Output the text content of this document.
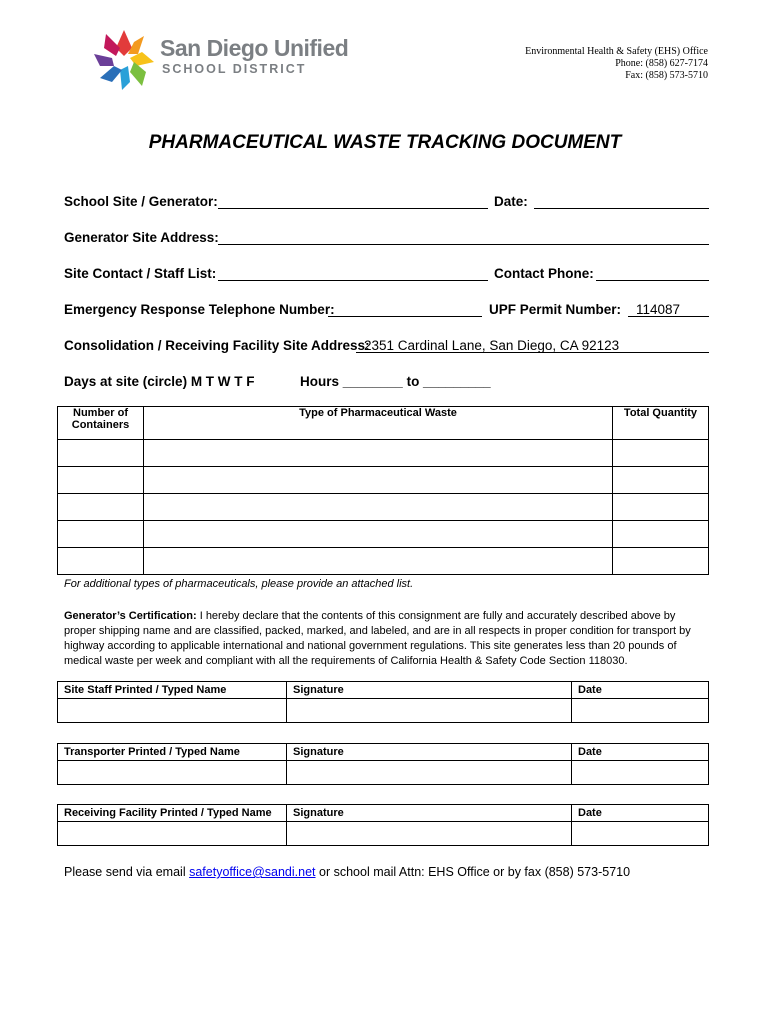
San Diego Unified
SCHOOL DISTRICT
Environmental Health & Safety (EHS) Office
Phone: (858) 627-7174
Fax: (858) 573-5710
PHARMACEUTICAL WASTE TRACKING DOCUMENT
School Site / Generator:	Date:
Generator Site Address:
Site Contact / Staff List:	Contact Phone:
Emergency Response Telephone Number:	UPF Permit Number: 114087
Consolidation / Receiving Facility Site Address:
2351 Cardinal Lane, San Diego, CA 92123
Days at site (circle) M T W T F	Hours ________ to _________
Number of Containers	Type of Pharmaceutical Waste	Total Quantity

For additional types of pharmaceuticals, please provide an attached list.
Generator’s Certification: I hereby declare that the contents of this consignment are fully and accurately described above by proper shipping name and are classified, packed, marked, and labeled, and are in all respects in proper condition for transport by highway according to applicable international and national government regulations. This site generates less than 20 pounds of medical waste per week and compliant with all the requirements of California Health & Safety Code Section 118030.
Site Staff Printed / Typed Name	Signature	Date

Transporter Printed / Typed Name	Signature	Date

Receiving Facility Printed / Typed Name	Signature	Date

Please send via email safetyoffice@sandi.net or school mail Attn: EHS Office or by fax (858) 573-5710
